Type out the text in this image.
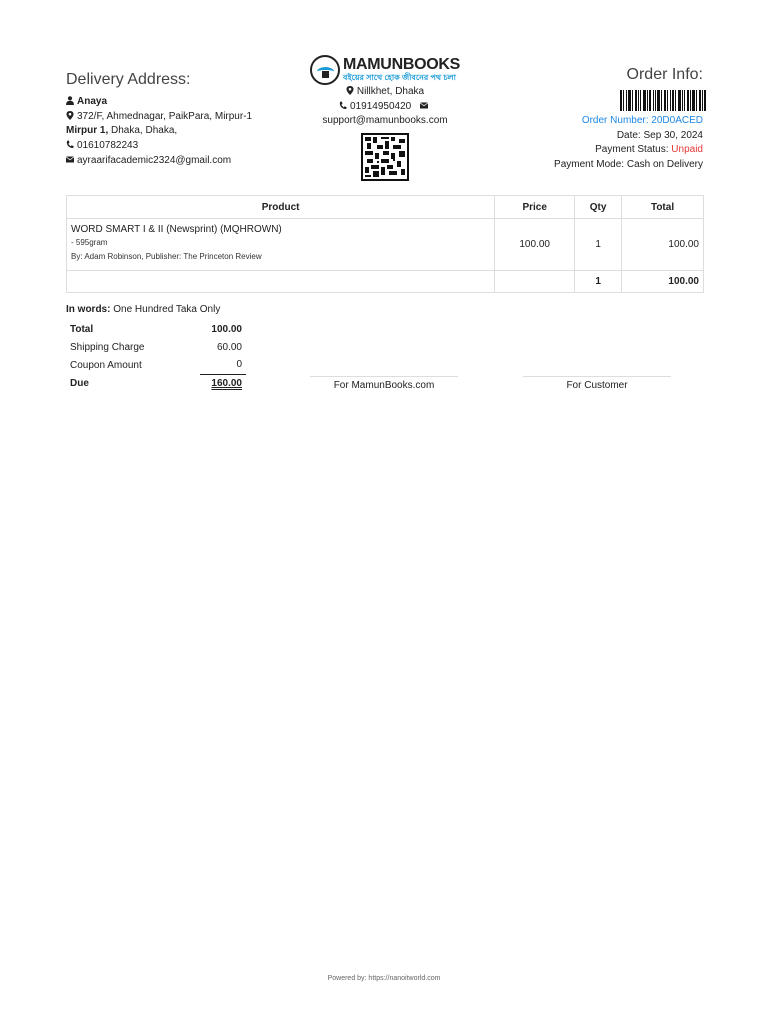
Delivery Address:
Anaya
372/F, Ahmednagar, PaikPara, Mirpur-1
Mirpur 1, Dhaka, Dhaka,
01610782243
ayraarifacademic2324@gmail.com
MAMUNBOOKS
বইয়ের সাথে হোক জীবনের পথ চলা
Nillkhet, Dhaka
01914950420
support@mamunbooks.com
Order Info:
Order Number: 20D0ACED
Date: Sep 30, 2024
Payment Status: Unpaid
Payment Mode: Cash on Delivery
Product	Price	Qty	Total

WORD SMART I & II (Newsprint) (MQHROWN)
- 595gram
By: Adam Robinson, Publisher: The Princeton Review	100.00	1	100.00
		1	100.00
In words: One Hundred Taka Only
Total	100.00
Shipping Charge	60.00
Coupon Amount	0
Due	160.00	For MamunBooks.com	For Customer
Powered by: https://nanoitworld.com
